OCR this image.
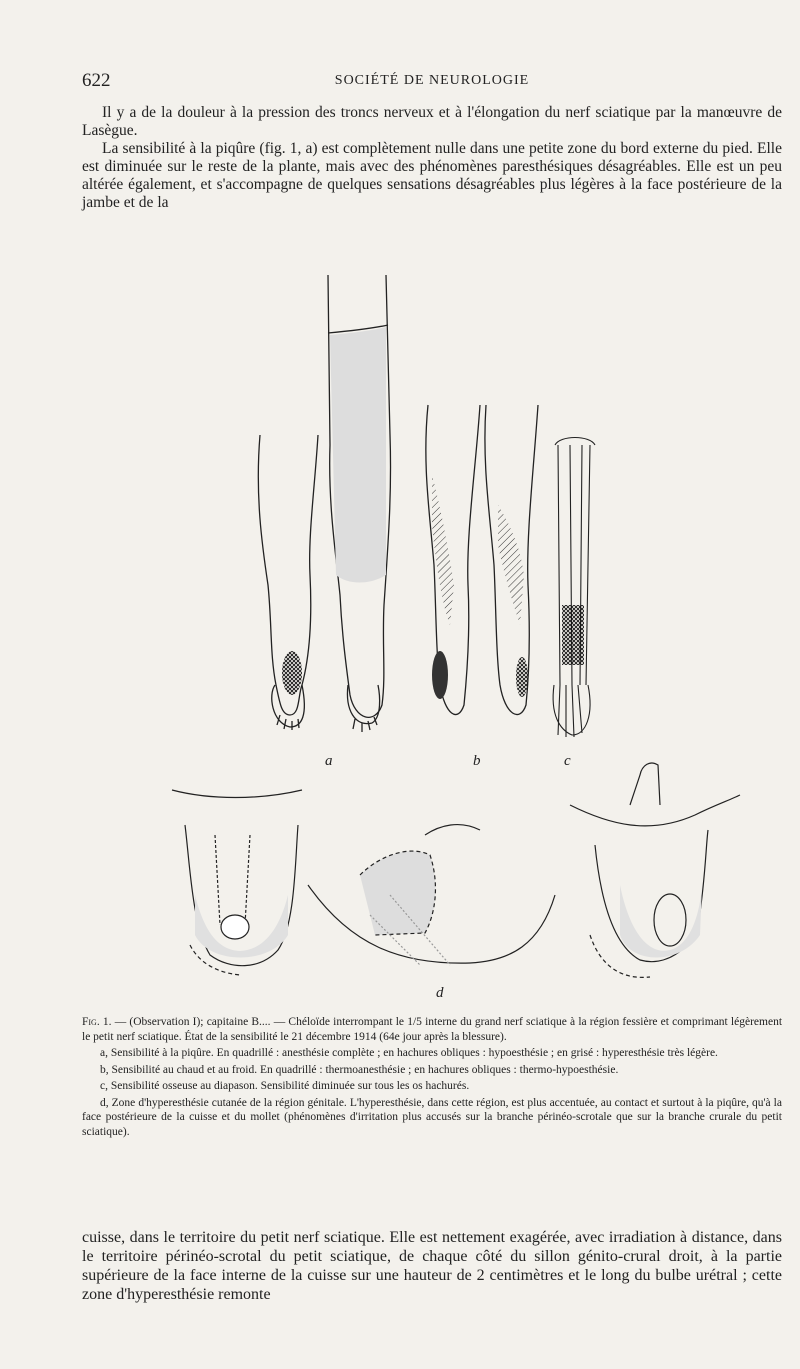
622	SOCIÉTÉ DE NEUROLOGIE

Il y a de la douleur à la pression des troncs nerveux et à l'élongation du nerf sciatique par la manœuvre de Lasègue.

La sensibilité à la piqûre (fig. 1, a) est complètement nulle dans une petite zone du bord externe du pied. Elle est diminuée sur le reste de la plante, mais avec des phénomènes paresthésiques désagréables. Elle est un peu altérée également, et s'accompagne de quelques sensations désagréables plus légères à la face postérieure de la jambe et de la

a	b	c
d

Fig. 1. — (Observation I); capitaine B.... — Chéloïde interrompant le 1/5 interne du grand nerf sciatique à la région fessière et comprimant légèrement le petit nerf sciatique. État de la sensibilité le 21 décembre 1914 (64e jour après la blessure).

a, Sensibilité à la piqûre. En quadrillé : anesthésie complète ; en hachures obliques : hypoesthésie ; en grisé : hyperesthésie très légère.

b, Sensibilité au chaud et au froid. En quadrillé : thermoanesthésie ; en hachures obliques : thermo-hypoesthésie.

c, Sensibilité osseuse au diapason. Sensibilité diminuée sur tous les os hachurés.

d, Zone d'hyperesthésie cutanée de la région génitale. L'hyperesthésie, dans cette région, est plus accentuée, au contact et surtout à la piqûre, qu'à la face postérieure de la cuisse et du mollet (phénomènes d'irritation plus accusés sur la branche périnéo-scrotale que sur la branche crurale du petit sciatique).

cuisse, dans le territoire du petit nerf sciatique. Elle est nettement exagérée, avec irradiation à distance, dans le territoire périnéo-scrotal du petit sciatique, de chaque côté du sillon génito-crural droit, à la partie supérieure de la face interne de la cuisse sur une hauteur de 2 centimètres et le long du bulbe urétral ; cette zone d'hyperesthésie remonte
